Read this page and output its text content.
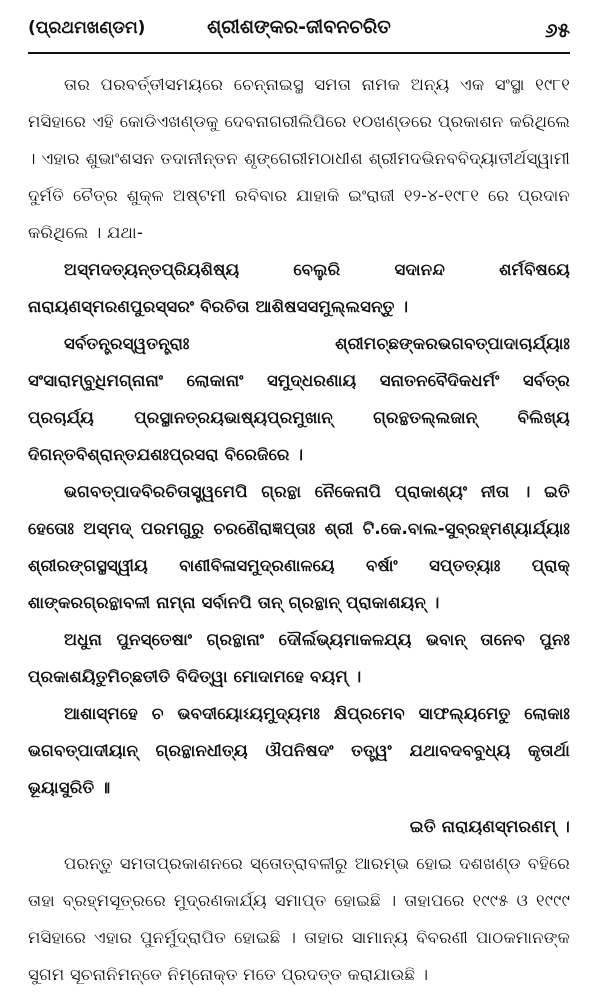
(ପ୍ରଥମଖଣ୍ଡମ)	ଶ୍ରୀଶଙ୍କର-ଜୀବନଚରିତ	୬୫

ତାର ପରବର୍ତ୍ତୀସମୟରେ ଚେନ୍ନାଇସ୍ଥ ସମତା ନାମକ ଅନ୍ୟ ଏକ ସଂସ୍ଥା ୧୯୮୧ ମସିହାରେ ଏହି କୋଡିଏଖଣ୍ଡକୁ ଦେବନାଗରୀଲିପିରେ ୧୦ଖଣ୍ଡରେ ପ୍ରକାଶନ କରିଥିଲେ । ଏହାର ଶୁଭାଂଶସନ ତଦାନୀନ୍ତନ ଶୃଙ୍ଗେରୀମଠାଧୀଶ ଶ୍ରୀମଦଭିନବବିଦ୍ୟାତୀର୍ଥସ୍ୱାମୀ ଦୁର୍ମତି ଚୈତ୍ର ଶୁକ୍ଳ ଅଷ୍ଟମୀ ରବିବାର ଯାହାକି ଇଂରାଜୀ ୧୨-୪-୧୯୮୧ ରେ ପ୍ରଦାନ କରିଥିଲେ । ଯଥା-

ଅସ୍ମଦତ୍ୟନ୍ତପ୍ରିୟଶିଷ୍ୟ ବେଲୁରି ସଦାନନ୍ଦ ଶର୍ମବିଷୟେ ନାରାୟଣସ୍ମରଣପୁରସ୍ସରଂ ବିରଚିତା ଆଶିଷସସମୁଲ୍ଲସନ୍ତୁ ।

ସର୍ବତନ୍ତ୍ରସ୍ୱତନ୍ତ୍ରାଃ ଶ୍ରୀମଚ୍ଛଙ୍କରଭଗବତ୍ପାଦାଚାର୍ଯ୍ୟାଃ ସଂସାରାମ୍ବୁଧିମଗ୍ନାନାଂ ଲୋକାନାଂ ସମୁଦ୍ଧରଣାୟ ସନାତନବୈଦିକଧର୍ମଂ ସର୍ବତ୍ର ପ୍ରଚାର୍ଯ୍ୟ ପ୍ରସ୍ଥାନତ୍ରୟଭାଷ୍ୟପ୍ରମୁଖାନ୍ ଗ୍ରନ୍ଥତଲ୍ଲଜାନ୍ ବିଲିଖ୍ୟ ଦିଗନ୍ତବିଶ୍ରାନ୍ତଯଶଃପ୍ରସରା ବିରେଜିରେ ।

ଭଗବତ୍ପାଦବିରଚିତାସ୍ତ୍ୱମେପି ଗ୍ରନ୍ଥା ନୈକେନାପି ପ୍ରାକାଶ୍ୟଂ ନୀତା । ଇତି ହେତୋଃ ଅସ୍ମଦ୍ ପରମଗୁରୁ ଚରଣୈରାଜ୍ଞପ୍ତାଃ ଶ୍ରୀ ଟି.କେ.ବାଲ-ସୁବ୍ରହ୍ମଣ୍ୟାର୍ଯ୍ୟାଃ ଶ୍ରୀରଙ୍ଗସ୍ଥସ୍ୱୀୟ ବାଣୀବିଳାସମୁଦ୍ରଣାଳୟେ ବର୍ଷାଂ ସପ୍ତତ୍ୟାଃ ପ୍ରାକ୍ ଶାଙ୍କରଗ୍ରନ୍ଥାବଳୀ ନାମ୍ନା ସର୍ବାନପି ତାନ୍ ଗ୍ରନ୍ଥାନ୍ ପ୍ରାକାଶୟନ୍ ।

ଅଧୁନା ପୁନସ୍ତେଷାଂ ଗ୍ରନ୍ଥାନାଂ ଦୌର୍ଲଭ୍ୟମାକଳଯ୍ୟ ଭବାନ୍ ତାନେବ ପୁନଃ ପ୍ରକାଶୟିତୁମିଚ୍ଛତୀତି ବିଦିତ୍ୱା ମୋଦାମହେ ବୟମ୍ ।

ଆଶାସ୍ମହେ ଚ ଭବଦୀୟୋଽୟମୁଦ୍ୟମଃ କ୍ଷିପ୍ରମେବ ସାଫଲ୍ୟମେତୁ ଲୋକାଃ ଭଗବତ୍ପାଦୀୟାନ୍ ଗ୍ରନ୍ଥାନଧୀତ୍ୟ ଔପନିଷଦଂ ତତ୍ତ୍ୱଂ ଯଥାବଦବବୁଧ୍ୟ କୃତାର୍ଥା ଭୂୟାସୁରିତି ॥

ଇତି ନାରାୟଣସ୍ମରଣମ୍ ।

ପରନ୍ତୁ ସମତାପ୍ରକାଶନରେ ସ୍ତୋତ୍ରାବଳୀରୁ ଆରମ୍ଭ ହୋଇ ଦଶଖଣ୍ଡ ବହିରେ ତାହା ବ୍ରହ୍ମସୂତ୍ରରେ ମୁଦ୍ରଣକାର୍ଯ୍ୟ ସମାପ୍ତ ହୋଇଛି । ତାହାପରେ ୧୯୯୫ ଓ ୧୯୯୯ ମସିହାରେ ଏହାର ପୁନର୍ମୁଦ୍ରାପିତ ହୋଇଛି । ତାହାର ସାମାନ୍ୟ ବିବରଣୀ ପାଠକମାନଙ୍କ ସୁଗମ ସୂଚନାନିମନ୍ତେ ନିମ୍ନୋକ୍ତ ମତେ ପ୍ରଦତ୍ତ କରାଯାଉଛି ।
